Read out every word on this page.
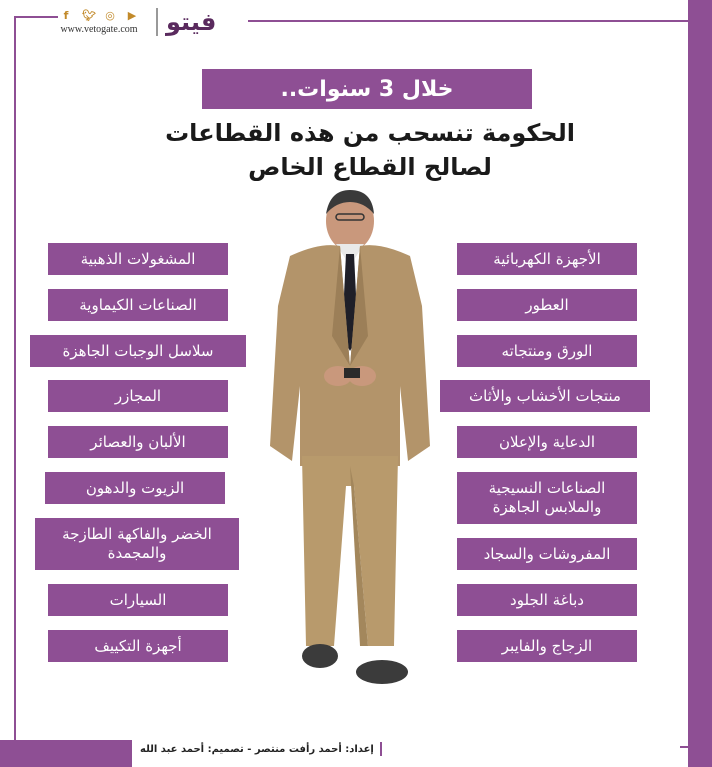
f	🐦︎ ◎ ▶
www.vetogate.com فيتو
خلال 3 سنوات..
الحكومة تنسحب من هذه القطاعات
لصالح القطاع الخاص
الأجهزة الكهربائية
العطور
الورق ومنتجاته
منتجات الأخشاب والأثاث
الدعاية والإعلان
الصناعات النسيجية والملابس الجاهزة
المفروشات والسجاد
دباغة الجلود
الزجاج والفايبر
المشغولات الذهبية
الصناعات الكيماوية
سلاسل الوجبات الجاهزة
المجازر
الألبان والعصائر
الزيوت والدهون
الخضر والفاكهة الطازجة والمجمدة
السيارات
أجهزة التكييف
إعداد: أحمد رأفت منتصر - تصميم: أحمد عبد الله
